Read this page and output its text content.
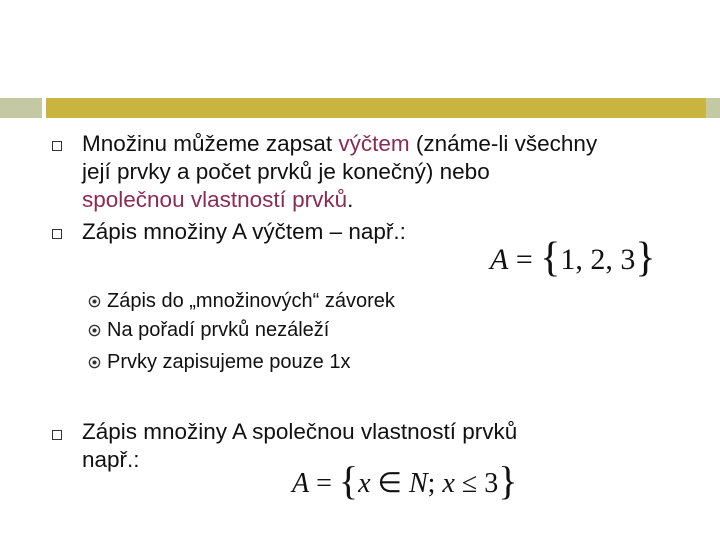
Množinu můžeme zapsat výčtem (známe-li všechny
její prvky a počet prvků je konečný) nebo
společnou vlastností prvků.
Zápis množiny A výčtem – např.:
A = {1, 2, 3}
Zápis do „množinových“ závorek
Na pořadí prvků nezáleží
Prvky zapisujeme pouze 1x
Zápis množiny A společnou vlastností prvků
např.:
A = {x ∈ N; x ≤ 3}
